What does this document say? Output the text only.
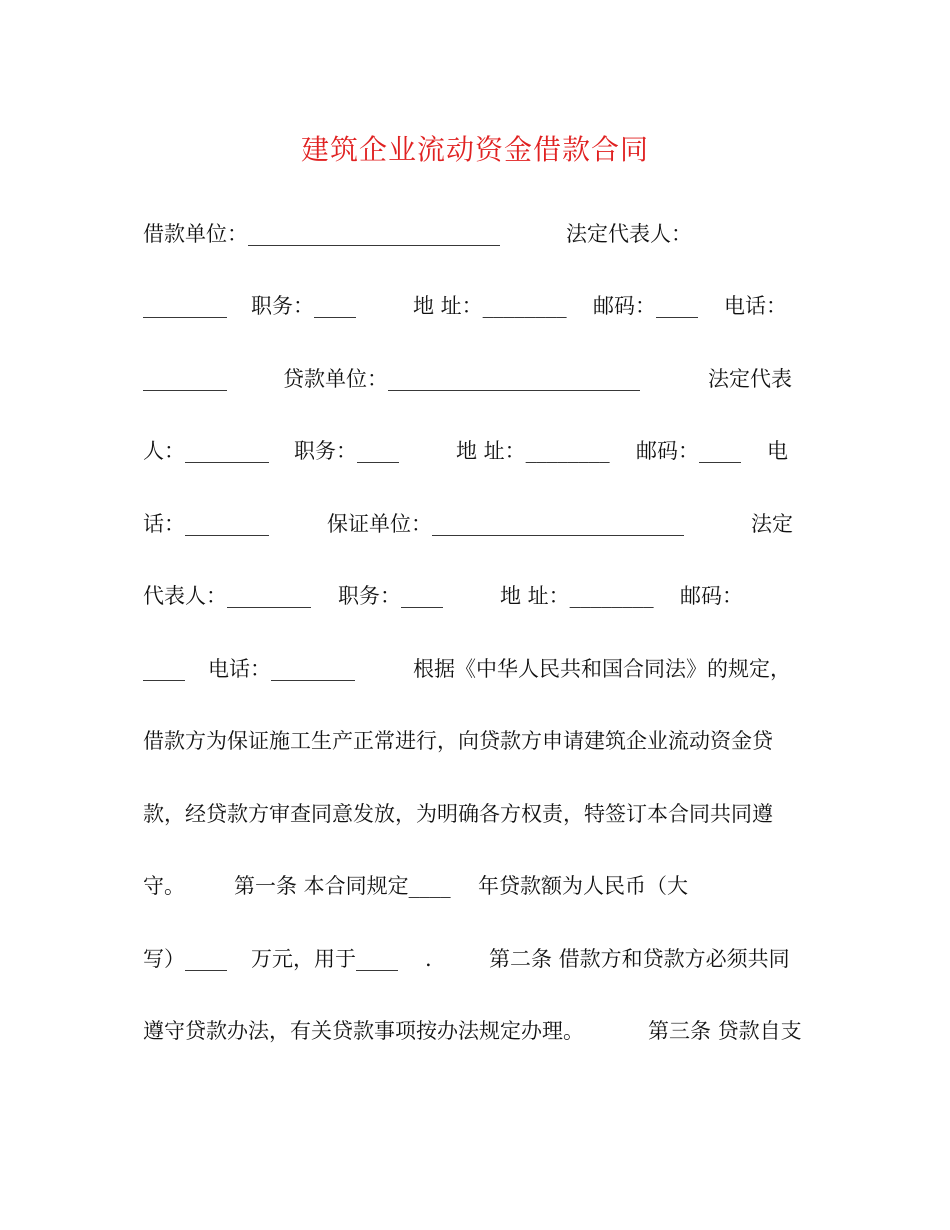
建筑企业流动资金借款合同

借款单位：________________________

	法定代表人：

________

职务：____

	地 址：________

邮码：____

电话：

________

	贷款单位：________________________

	法定代表

人：________

职务：____

	地 址：________

邮码：____

电

话：________

	保证单位：________________________

	法定

代表人：________

职务：____

	地 址：________

邮码：

____

电话：________

	根据《中华人民共和国合同法》的规定，

借款方为保证施工生产正常进行，向贷款方申请建筑企业流动资金贷

款，经贷款方审查同意发放，为明确各方权责，特签订本合同共同遵

守。

第一条 本合同规定____

年贷款额为人民币（大

写）____

万元，用于____

.

	第二条 借款方和贷款方必须共同

遵守贷款办法，有关贷款事项按办法规定办理。

	第三条 贷款自支
